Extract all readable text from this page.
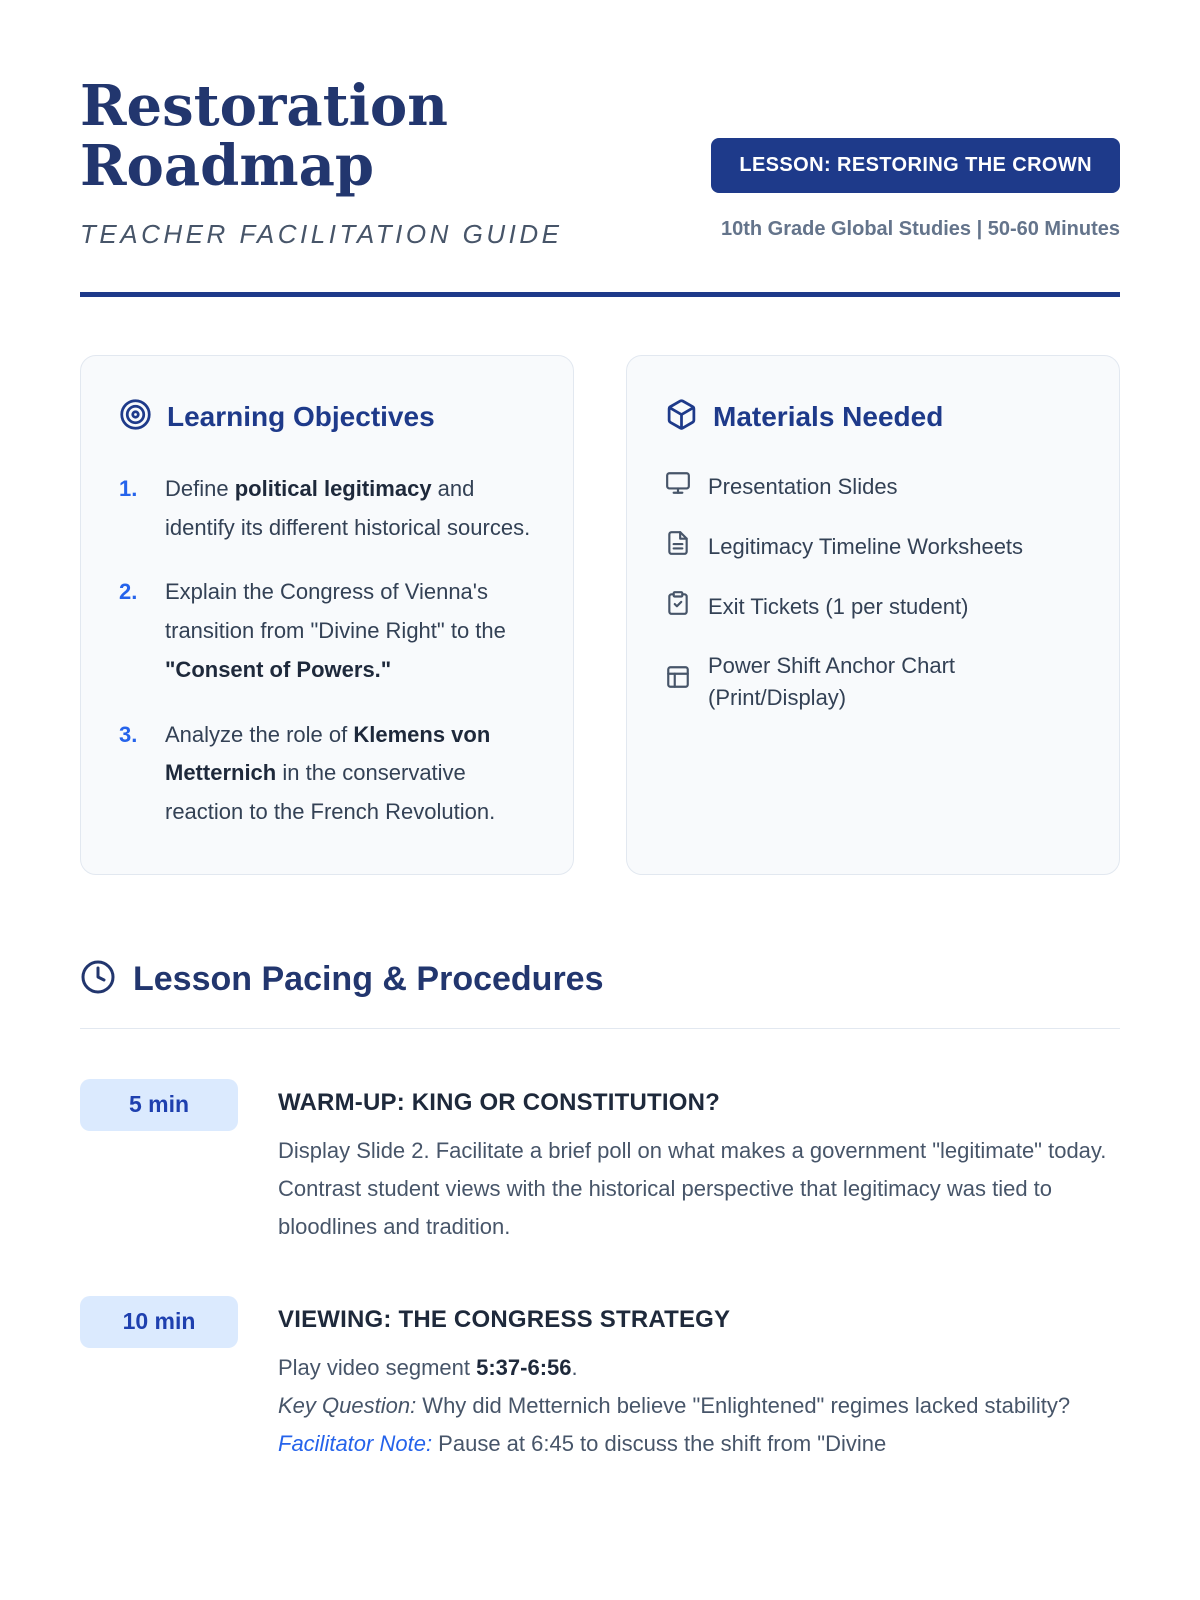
Restoration
Roadmap
TEACHER FACILITATION GUIDE
LESSON: RESTORING THE CROWN
10th Grade Global Studies | 50-60 Minutes
Learning Objectives
1.	Define political legitimacy and identify its different historical sources.
2.	Explain the Congress of Vienna's transition from "Divine Right" to the "Consent of Powers."
3.	Analyze the role of Klemens von Metternich in the conservative reaction to the French Revolution.
Materials Needed
Presentation Slides
Legitimacy Timeline Worksheets
Exit Tickets (1 per student)
Power Shift Anchor Chart (Print/Display)
Lesson Pacing & Procedures
5 min	WARM-UP: KING OR CONSTITUTION?
Display Slide 2. Facilitate a brief poll on what makes a government "legitimate" today. Contrast student views with the historical perspective that legitimacy was tied to bloodlines and tradition.
10 min	VIEWING: THE CONGRESS STRATEGY
Play video segment 5:37-6:56.
Key Question: Why did Metternich believe "Enlightened" regimes lacked stability?
Facilitator Note: Pause at 6:45 to discuss the shift from "Divine
